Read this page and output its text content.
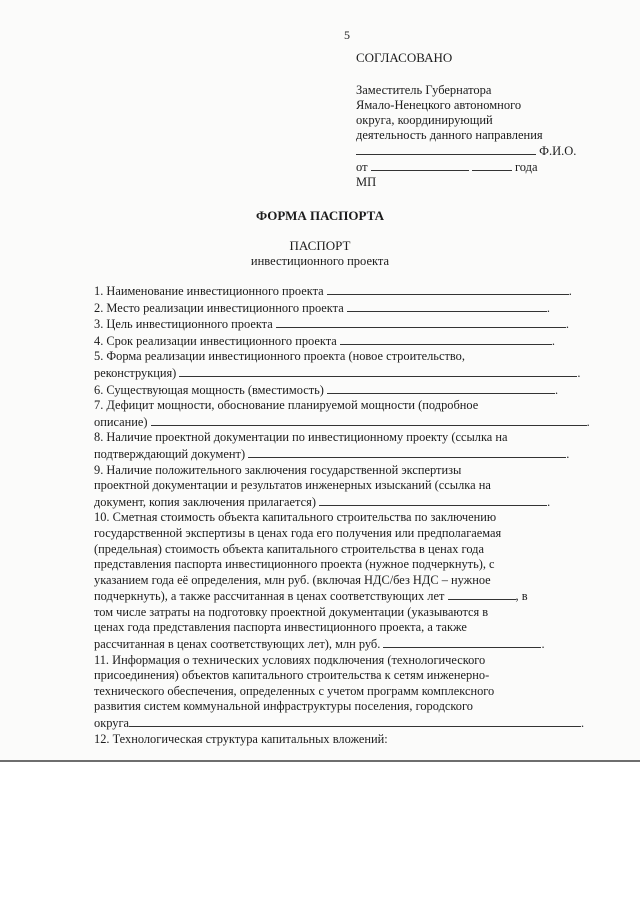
5
СОГЛАСОВАНО
Заместитель Губернатора
Ямало-Ненецкого автономного
округа, координирующий
деятельность данного направления
Ф.И.О.
от	года
МП
ФОРМА ПАСПОРТА
ПАСПОРТ
инвестиционного проекта
1. Наименование инвестиционного проекта	.
2. Место реализации инвестиционного проекта	.
3. Цель инвестиционного проекта	.
4. Срок реализации инвестиционного проекта	.
5. Форма реализации инвестиционного проекта (новое строительство,
реконструкция)	.
6. Существующая мощность (вместимость)	.
7. Дефицит мощности, обоснование планируемой мощности (подробное
описание)	.
8. Наличие проектной документации по инвестиционному проекту (ссылка на
подтверждающий документ)	.
9. Наличие положительного заключения государственной экспертизы
проектной документации и результатов инженерных изысканий (ссылка на
документ, копия заключения прилагается)	.
10. Сметная стоимость объекта капитального строительства по заключению
государственной экспертизы в ценах года его получения или предполагаемая
(предельная) стоимость объекта капитального строительства в ценах года
представления паспорта инвестиционного проекта (нужное подчеркнуть), с
указанием года её определения, млн руб. (включая НДС/без НДС – нужное
подчеркнуть), а также рассчитанная в ценах соответствующих лет	, в
том числе затраты на подготовку проектной документации (указываются в
ценах года представления паспорта инвестиционного проекта, а также
рассчитанная в ценах соответствующих лет), млн руб.	.
11. Информация о технических условиях подключения (технологического
присоединения) объектов капитального строительства к сетям инженерно-
технического обеспечения, определенных с учетом программ комплексного
развития систем коммунальной инфраструктуры поселения, городского
округа	.
12. Технологическая структура капитальных вложений:
